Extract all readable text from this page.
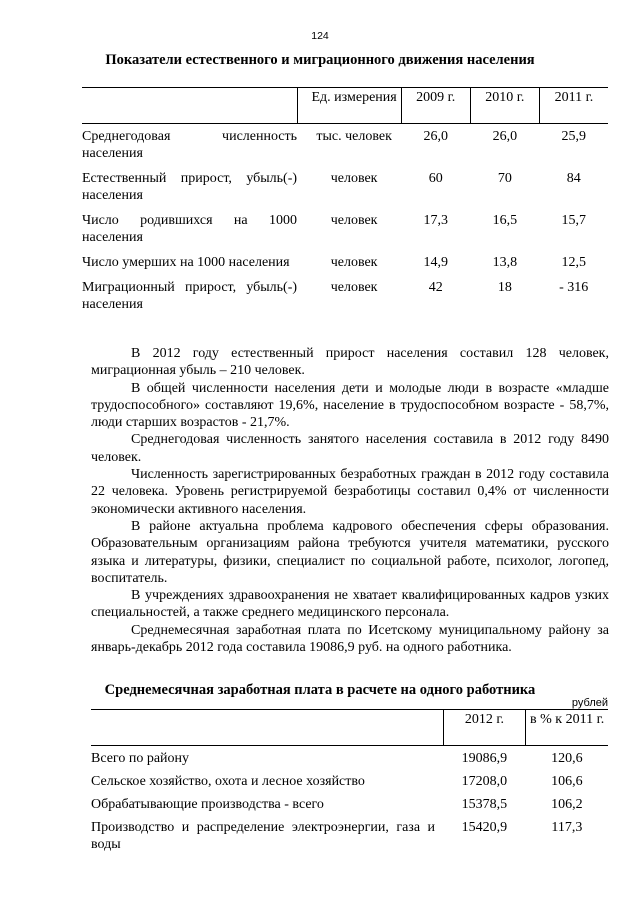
124
Показатели естественного и миграционного движения населения
	Ед. измерения	2009 г.	2010 г.	2011 г.
Среднегодовая численность населения	тыс. человек	26,0	26,0	25,9
Естественный прирост, убыль(-) населения	человек	60	70	84
Число родившихся на 1000 населения	человек	17,3	16,5	15,7
Число умерших на 1000 населения	человек	14,9	13,8	12,5
Миграционный прирост, убыль(-) населения	человек	42	18	- 316

В 2012 году естественный прирост населения составил 128 человек, миграционная убыль – 210 человек.

В общей численности населения дети и молодые люди в возрасте «младше трудоспособного» составляют 19,6%, население в трудоспособном возрасте - 58,7%, люди старших возрастов - 21,7%.

Среднегодовая численность занятого населения составила в 2012 году 8490 человек.

Численность зарегистрированных безработных граждан в 2012 году составила 22 человека. Уровень регистрируемой безработицы составил 0,4% от численности экономически активного населения.

В районе актуальна проблема кадрового обеспечения сферы образования. Образовательным организациям района требуются учителя математики, русского языка и литературы, физики, специалист по социальной работе, психолог, логопед, воспитатель.

В учреждениях здравоохранения не хватает квалифицированных кадров узких специальностей, а также среднего медицинского персонала.

Среднемесячная заработная плата по Исетскому муниципальному району за январь-декабрь 2012 года составила 19086,9 руб. на одного работника.

Среднемесячная заработная плата в расчете на одного работника
рублей
	2012 г.	в % к 2011 г.
Всего по району	19086,9	120,6
Сельское хозяйство, охота и лесное хозяйство	17208,0	106,6
Обрабатывающие производства - всего	15378,5	106,2
Производство и распределение электроэнергии, газа и воды	15420,9	117,3
